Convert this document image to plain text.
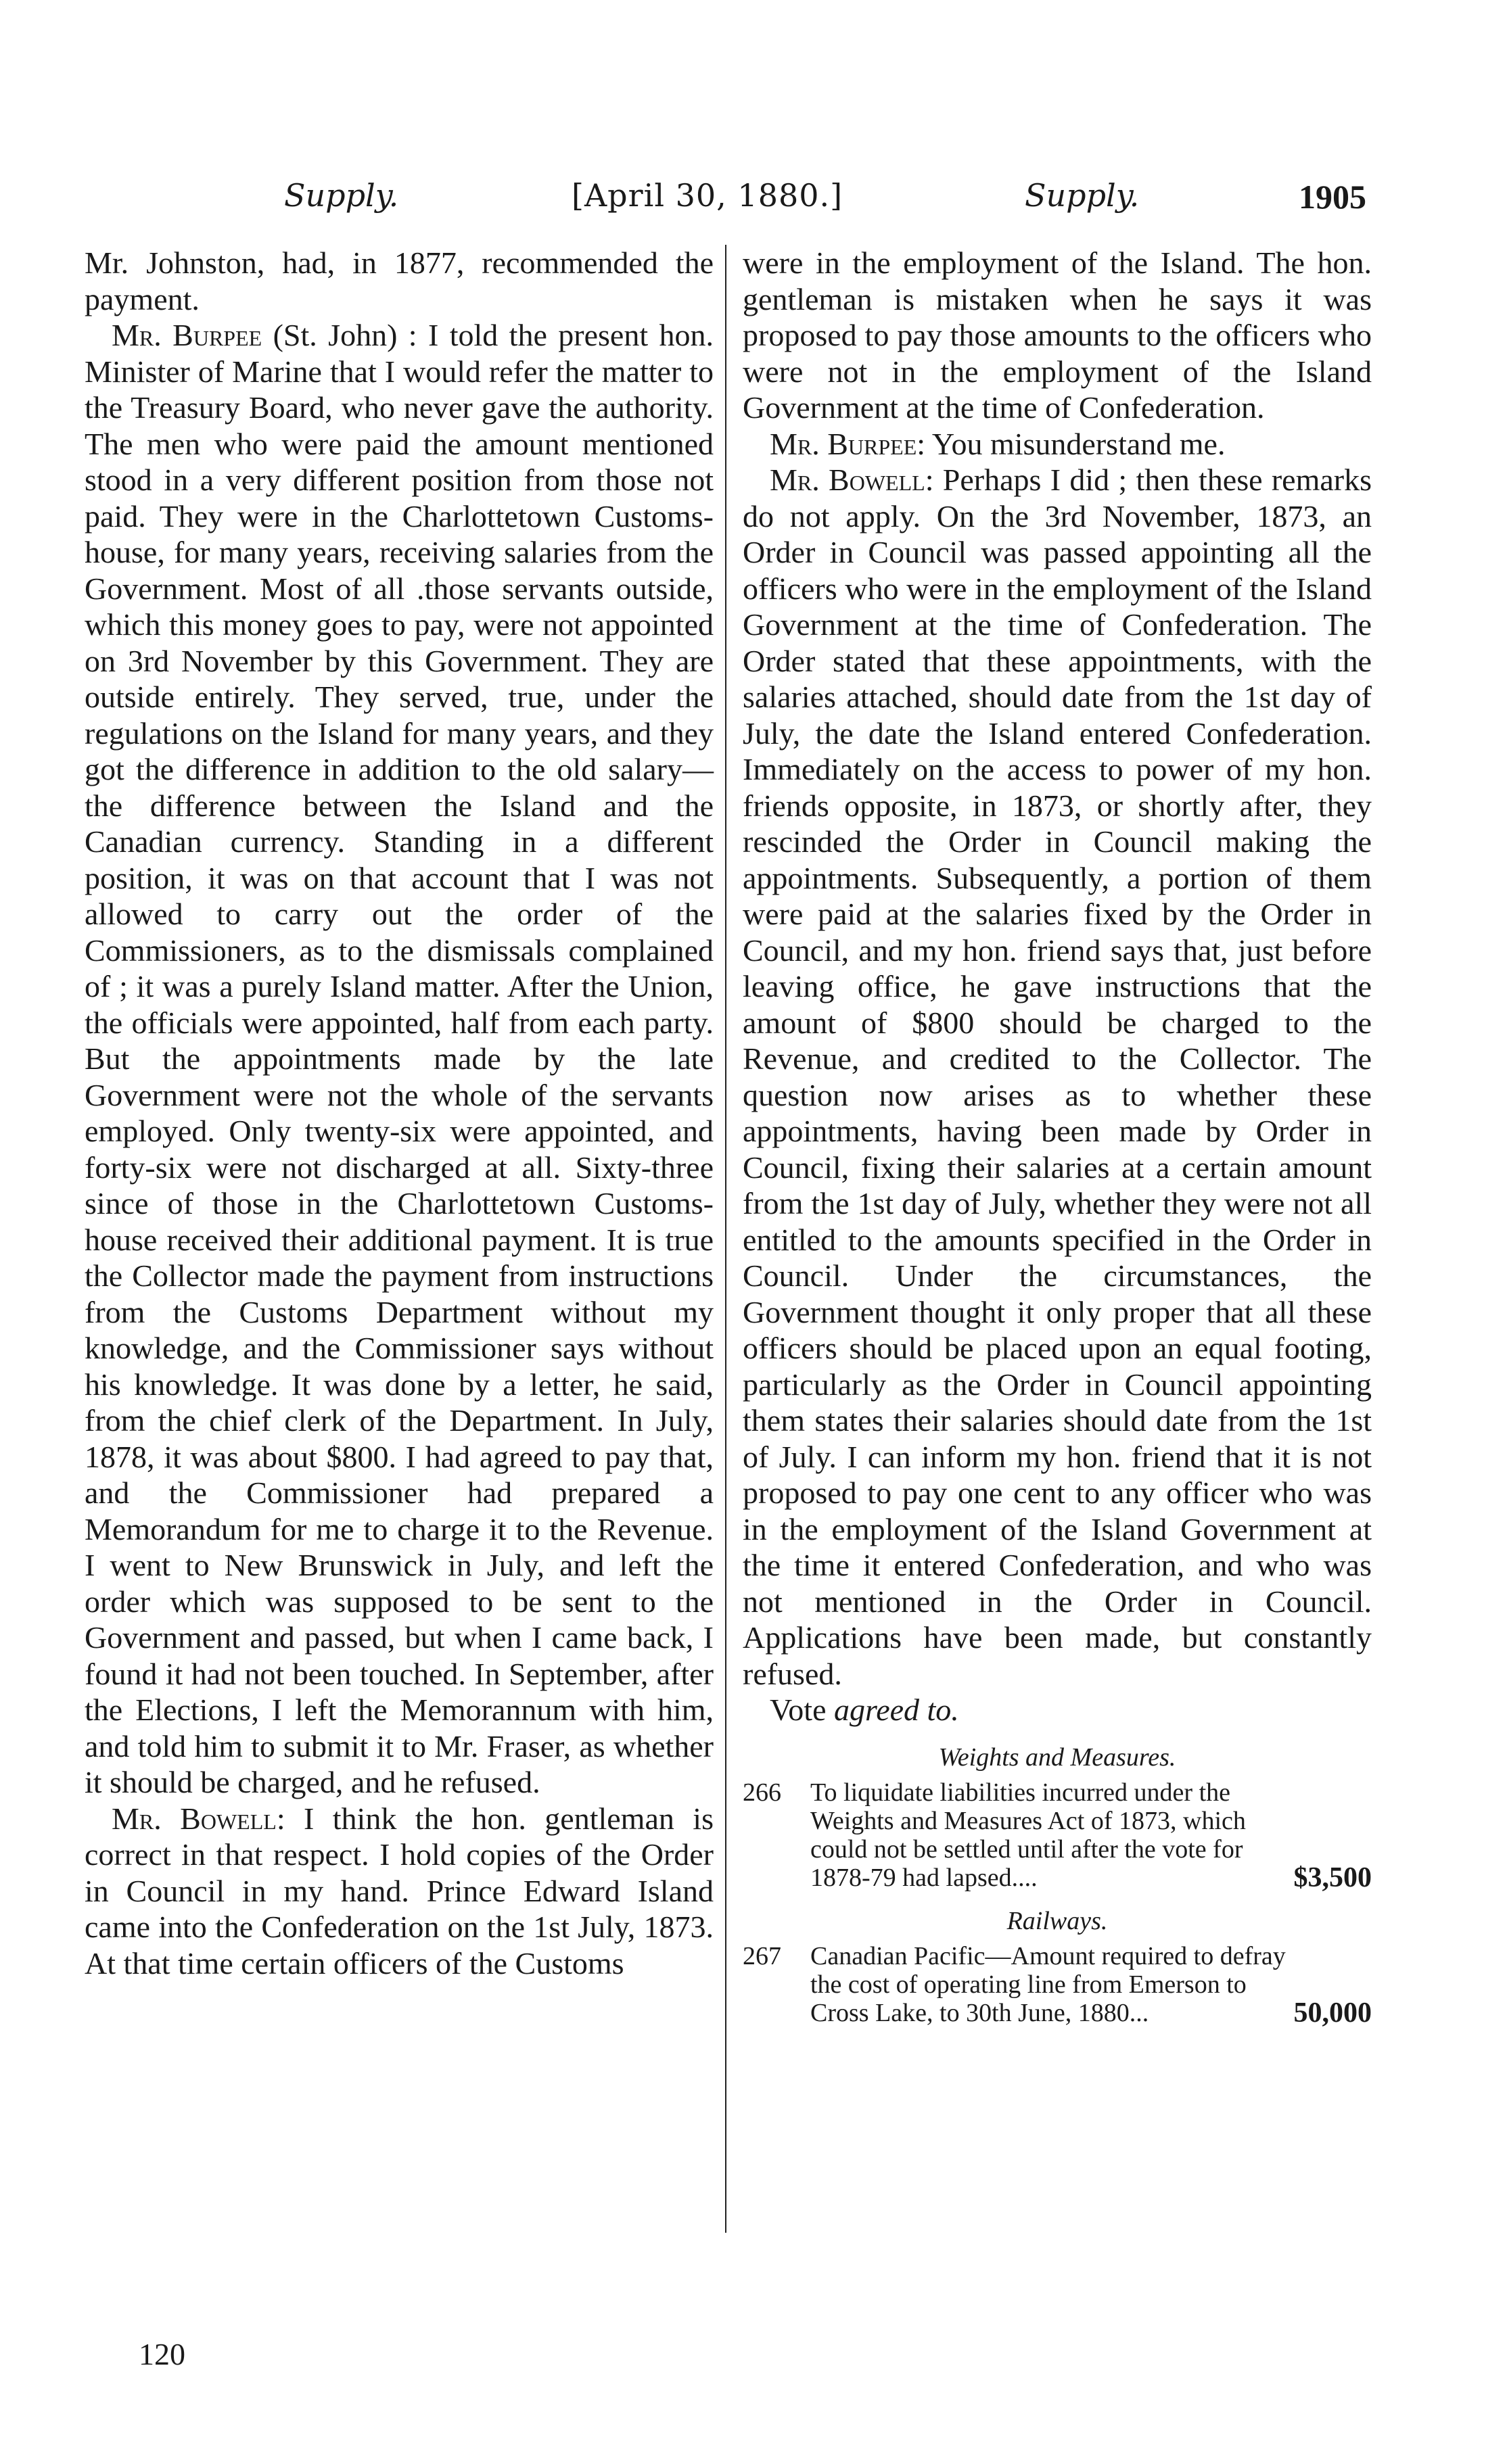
Supply.	[April 30, 1880.]	Supply.	1905

Mr. Johnston, had, in 1877, recommended the payment.

Mr. Burpee (St. John) : I told the present hon. Minister of Marine that I would refer the matter to the Treasury Board, who never gave the authority. The men who were paid the amount mentioned stood in a very different position from those not paid. They were in the Charlottetown Customs-house, for many years, receiving salaries from the Government. Most of all .those servants outside, which this money goes to pay, were not appointed on 3rd November by this Government. They are outside entirely. They served, true, under the regulations on the Island for many years, and they got the difference in addition to the old salary—the difference between the Island and the Canadian currency. Standing in a different position, it was on that account that I was not allowed to carry out the order of the Commissioners, as to the dismissals complained of ; it was a purely Island matter. After the Union, the officials were appointed, half from each party. But the appointments made by the late Government were not the whole of the servants employed. Only twenty-six were appointed, and forty-six were not discharged at all. Sixty-three since of those in the Charlottetown Customs-house received their additional payment. It is true the Collector made the payment from instructions from the Customs Department without my knowledge, and the Commissioner says without his knowledge. It was done by a letter, he said, from the chief clerk of the Department. In July, 1878, it was about $800. I had agreed to pay that, and the Commissioner had prepared a Memorandum for me to charge it to the Revenue. I went to New Brunswick in July, and left the order which was supposed to be sent to the Government and passed, but when I came back, I found it had not been touched. In September, after the Elections, I left the Memorannum with him, and told him to submit it to Mr. Fraser, as whether it should be charged, and he refused.

Mr. Bowell: I think the hon. gentleman is correct in that respect. I hold copies of the Order in Council in my hand. Prince Edward Island came into the Confederation on the 1st July, 1873. At that time certain officers of the Customs

were in the employment of the Island. The hon. gentleman is mistaken when he says it was proposed to pay those amounts to the officers who were not in the employment of the Island Government at the time of Confederation.

Mr. Burpee: You misunderstand me.

Mr. Bowell: Perhaps I did ; then these remarks do not apply. On the 3rd November, 1873, an Order in Council was passed appointing all the officers who were in the employment of the Island Government at the time of Confederation. The Order stated that these appointments, with the salaries attached, should date from the 1st day of July, the date the Island entered Confederation. Immediately on the access to power of my hon. friends opposite, in 1873, or shortly after, they rescinded the Order in Council making the appointments. Subsequently, a portion of them were paid at the salaries fixed by the Order in Council, and my hon. friend says that, just before leaving office, he gave instructions that the amount of $800 should be charged to the Revenue, and credited to the Collector. The question now arises as to whether these appointments, having been made by Order in Council, fixing their salaries at a certain amount from the 1st day of July, whether they were not all entitled to the amounts specified in the Order in Council. Under the circumstances, the Government thought it only proper that all these officers should be placed upon an equal footing, particularly as the Order in Council appointing them states their salaries should date from the 1st of July. I can inform my hon. friend that it is not proposed to pay one cent to any officer who was in the employment of the Island Government at the time it entered Confederation, and who was not mentioned in the Order in Council. Applications have been made, but constantly refused.

Vote agreed to.

Weights and Measures.
266 To liquidate liabilities incurred under the Weights and Measures Act of 1873, which could not be settled until after the vote for 1878-79 had lapsed....	$3,500
Railways.
267 Canadian Pacific—Amount required to defray the cost of operating line from Emerson to Cross Lake, to 30th June, 1880...	50,000
120
